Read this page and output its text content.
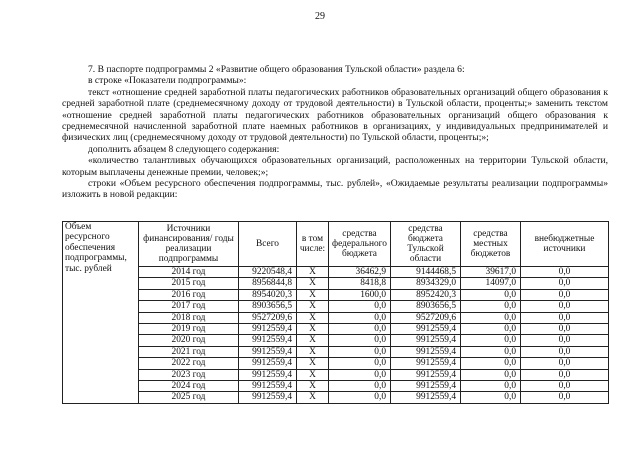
29

7. В паспорте подпрограммы 2 «Развитие общего образования Тульской области» раздела 6:

в строке «Показатели подпрограммы»:

текст «отношение средней заработной платы педагогических работников образовательных организаций общего образования к средней заработной плате (среднемесячному доходу от трудовой деятельности) в Тульской области, проценты;» заменить текстом «отношение средней заработной платы педагогических работников образовательных организаций общего образования к среднемесячной начисленной заработной плате наемных работников в организациях, у индивидуальных предпринимателей и физических лиц (среднемесячному доходу от трудовой деятельности) по Тульской области, проценты;»;

дополнить абзацем 8 следующего содержания:

«количество талантливых обучающихся образовательных организаций, расположенных на территории Тульской области, которым выплачены денежные премии, человек;»;

строки «Объем ресурсного обеспечения подпрограммы, тыс. рублей», «Ожидаемые результаты реализации подпрограммы» изложить в новой редакции:

Объем ресурсного обеспечения подпрограммы, тыс. рублей	Источники финансирования/ годы реализации подпрограммы	Всего	в том числе:	средства федерального бюджета	средства бюджета Тульской области	средства местных бюджетов	внебюджетные источники
	2014 год	9220548,4	X	36462,9	9144468,5	39617,0	0,0
	2015 год	8956844,8	X	8418,8	8934329,0	14097,0	0,0
	2016 год	8954020,3	X	1600,0	8952420,3	0,0	0,0
	2017 год	8903656,5	X	0,0	8903656,5	0,0	0,0
	2018 год	9527209,6	X	0,0	9527209,6	0,0	0,0
	2019 год	9912559,4	X	0,0	9912559,4	0,0	0,0
	2020 год	9912559,4	X	0,0	9912559,4	0,0	0,0
	2021 год	9912559,4	X	0,0	9912559,4	0,0	0,0
	2022 год	9912559,4	X	0,0	9912559,4	0,0	0,0
	2023 год	9912559,4	X	0,0	9912559,4	0,0	0,0
	2024 год	9912559,4	X	0,0	9912559,4	0,0	0,0
	2025 год	9912559,4	X	0,0	9912559,4	0,0	0,0
